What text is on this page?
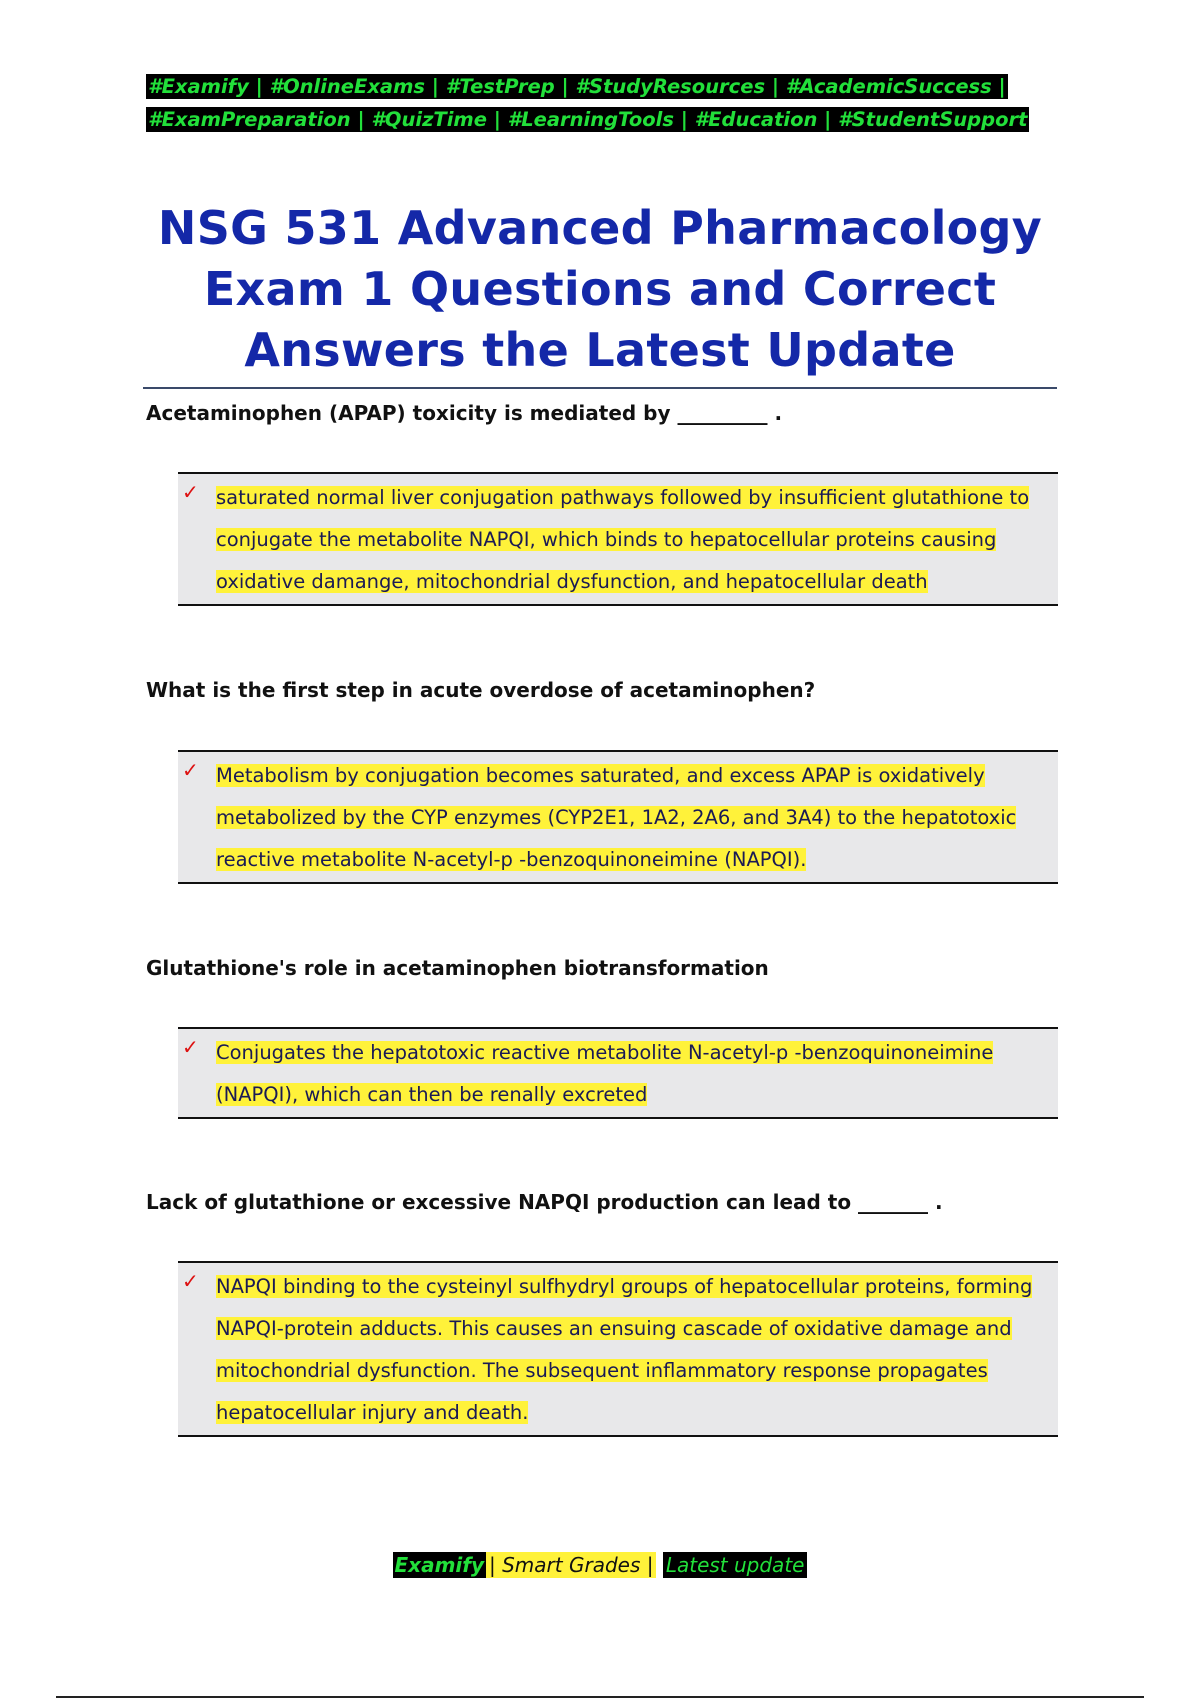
#Examify | #OnlineExams | #TestPrep | #StudyResources | #AcademicSuccess |
#ExamPreparation | #QuizTime | #LearningTools | #Education | #StudentSupport
NSG 531 Advanced Pharmacology Exam 1 Questions and Correct Answers the Latest Update
Acetaminophen (APAP) toxicity is mediated by _________ .
✓ saturated normal liver conjugation pathways followed by insufficient glutathione to
conjugate the metabolite NAPQI, which binds to hepatocellular proteins causing
oxidative damange, mitochondrial dysfunction, and hepatocellular death
What is the first step in acute overdose of acetaminophen?
✓ Metabolism by conjugation becomes saturated, and excess APAP is oxidatively
metabolized by the CYP enzymes (CYP2E1, 1A2, 2A6, and 3A4) to the hepatotoxic
reactive metabolite N-acetyl-p -benzoquinoneimine (NAPQI).
Glutathione's role in acetaminophen biotransformation
✓ Conjugates the hepatotoxic reactive metabolite N-acetyl-p -benzoquinoneimine
(NAPQI), which can then be renally excreted
Lack of glutathione or excessive NAPQI production can lead to _______ .
✓ NAPQI binding to the cysteinyl sulfhydryl groups of hepatocellular proteins, forming
NAPQI-protein adducts. This causes an ensuing cascade of oxidative damage and
mitochondrial dysfunction. The subsequent inflammatory response propagates
hepatocellular injury and death.
Examify | Smart Grades | Latest update
